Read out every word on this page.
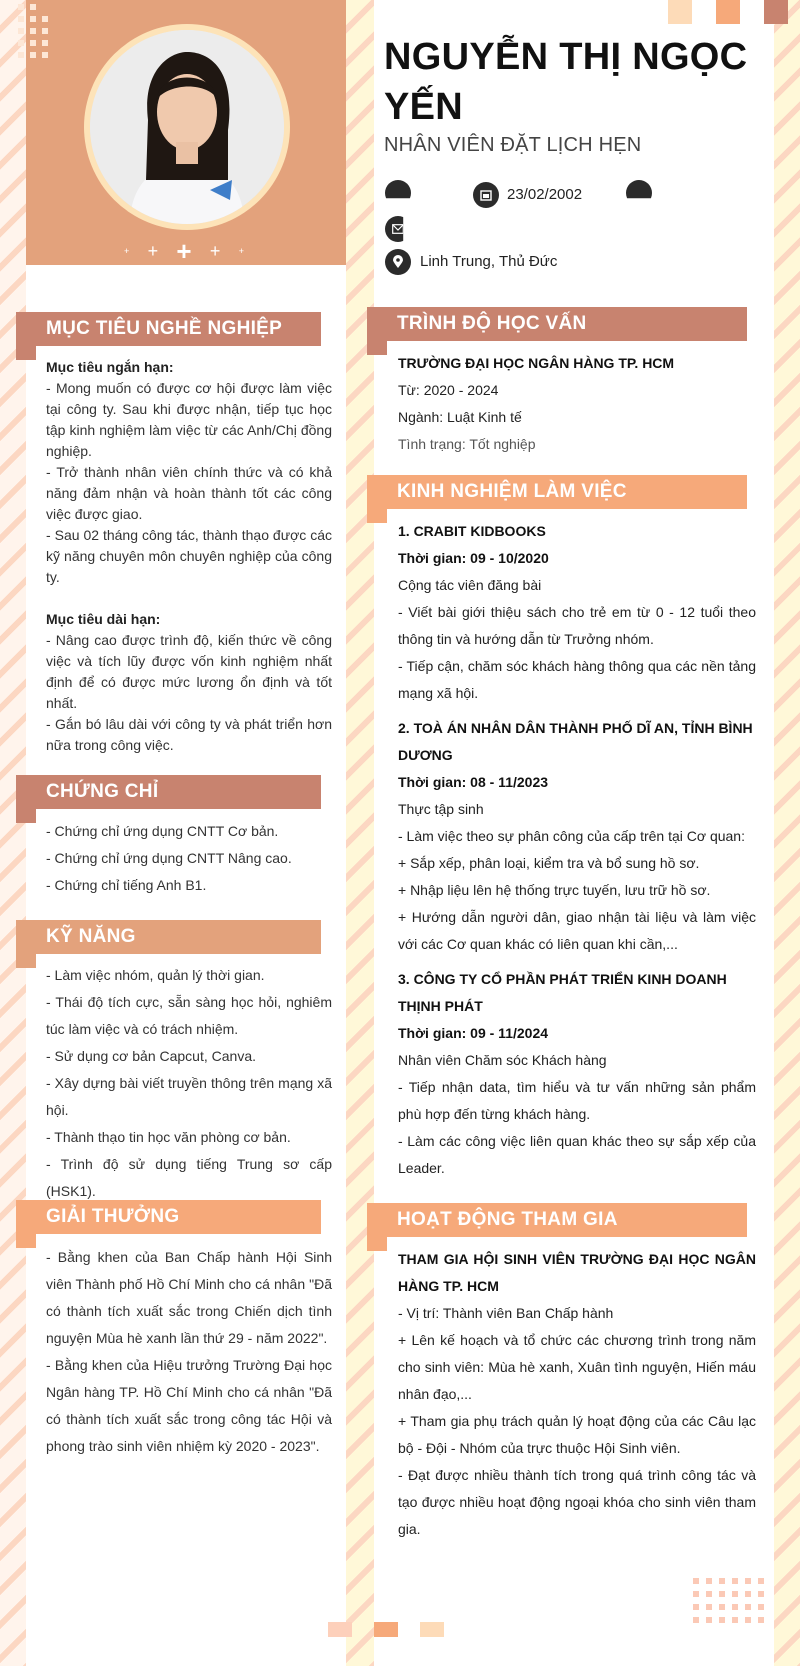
+ + + + +
NGUYỄN THỊ NGỌC YẾN
NHÂN VIÊN ĐẶT LỊCH HẸN
23/02/2002
Linh Trung, Thủ Đức
MỤC TIÊU NGHỀ NGHIỆP
Mục tiêu ngắn hạn:
- Mong muốn có được cơ hội được làm việc tại công ty. Sau khi được nhận, tiếp tục học tập kinh nghiệm làm việc từ các Anh/Chị đồng nghiệp.
- Trở thành nhân viên chính thức và có khả năng đảm nhận và hoàn thành tốt các công việc được giao.
- Sau 02 tháng công tác, thành thạo được các kỹ năng chuyên môn chuyên nghiệp của công ty.
Mục tiêu dài hạn:
- Nâng cao được trình độ, kiến thức về công việc và tích lũy được vốn kinh nghiệm nhất định để có được mức lương ổn định và tốt nhất.
- Gắn bó lâu dài với công ty và phát triển hơn nữa trong công việc.
CHỨNG CHỈ
- Chứng chỉ ứng dụng CNTT Cơ bản.
- Chứng chỉ ứng dụng CNTT Nâng cao.
- Chứng chỉ tiếng Anh B1.
KỸ NĂNG
- Làm việc nhóm, quản lý thời gian.
- Thái độ tích cực, sẵn sàng học hỏi, nghiêm túc làm việc và có trách nhiệm.
- Sử dụng cơ bản Capcut, Canva.
- Xây dựng bài viết truyền thông trên mạng xã hội.
- Thành thạo tin học văn phòng cơ bản.
- Trình độ sử dụng tiếng Trung sơ cấp (HSK1).
GIẢI THƯỞNG
- Bằng khen của Ban Chấp hành Hội Sinh viên Thành phố Hồ Chí Minh cho cá nhân "Đã có thành tích xuất sắc trong Chiến dịch tình nguyện Mùa hè xanh lần thứ 29 - năm 2022".
- Bằng khen của Hiệu trưởng Trường Đại học Ngân hàng TP. Hồ Chí Minh cho cá nhân "Đã có thành tích xuất sắc trong công tác Hội và phong trào sinh viên nhiệm kỳ 2020 - 2023".
TRÌNH ĐỘ HỌC VẤN
TRƯỜNG ĐẠI HỌC NGÂN HÀNG TP. HCM
Từ: 2020 - 2024
Ngành: Luật Kinh tế
Tình trạng: Tốt nghiệp
KINH NGHIỆM LÀM VIỆC
1. CRABIT KIDBOOKS
Thời gian: 09 - 10/2020
Cộng tác viên đăng bài
- Viết bài giới thiệu sách cho trẻ em từ 0 - 12 tuổi theo thông tin và hướng dẫn từ Trưởng nhóm.
- Tiếp cận, chăm sóc khách hàng thông qua các nền tảng mạng xã hội.
2. TOÀ ÁN NHÂN DÂN THÀNH PHỐ DĨ AN, TỈNH BÌNH DƯƠNG
Thời gian: 08 - 11/2023
Thực tập sinh
- Làm việc theo sự phân công của cấp trên tại Cơ quan:
+ Sắp xếp, phân loại, kiểm tra và bổ sung hồ sơ.
+ Nhập liệu lên hệ thống trực tuyến, lưu trữ hồ sơ.
+ Hướng dẫn người dân, giao nhận tài liệu và làm việc với các Cơ quan khác có liên quan khi cần,...
3. CÔNG TY CỔ PHẦN PHÁT TRIỂN KINH DOANH THỊNH PHÁT
Thời gian: 09 - 11/2024
Nhân viên Chăm sóc Khách hàng
- Tiếp nhận data, tìm hiểu và tư vấn những sản phẩm phù hợp đến từng khách hàng.
- Làm các công việc liên quan khác theo sự sắp xếp của Leader.
HOẠT ĐỘNG THAM GIA
THAM GIA HỘI SINH VIÊN TRƯỜNG ĐẠI HỌC NGÂN HÀNG TP. HCM
- Vị trí: Thành viên Ban Chấp hành
+ Lên kế hoạch và tổ chức các chương trình trong năm cho sinh viên: Mùa hè xanh, Xuân tình nguyện, Hiến máu nhân đạo,...
+ Tham gia phụ trách quản lý hoạt động của các Câu lạc bộ - Đội - Nhóm của trực thuộc Hội Sinh viên.
- Đạt được nhiều thành tích trong quá trình công tác và tạo được nhiều hoạt động ngoại khóa cho sinh viên tham gia.
